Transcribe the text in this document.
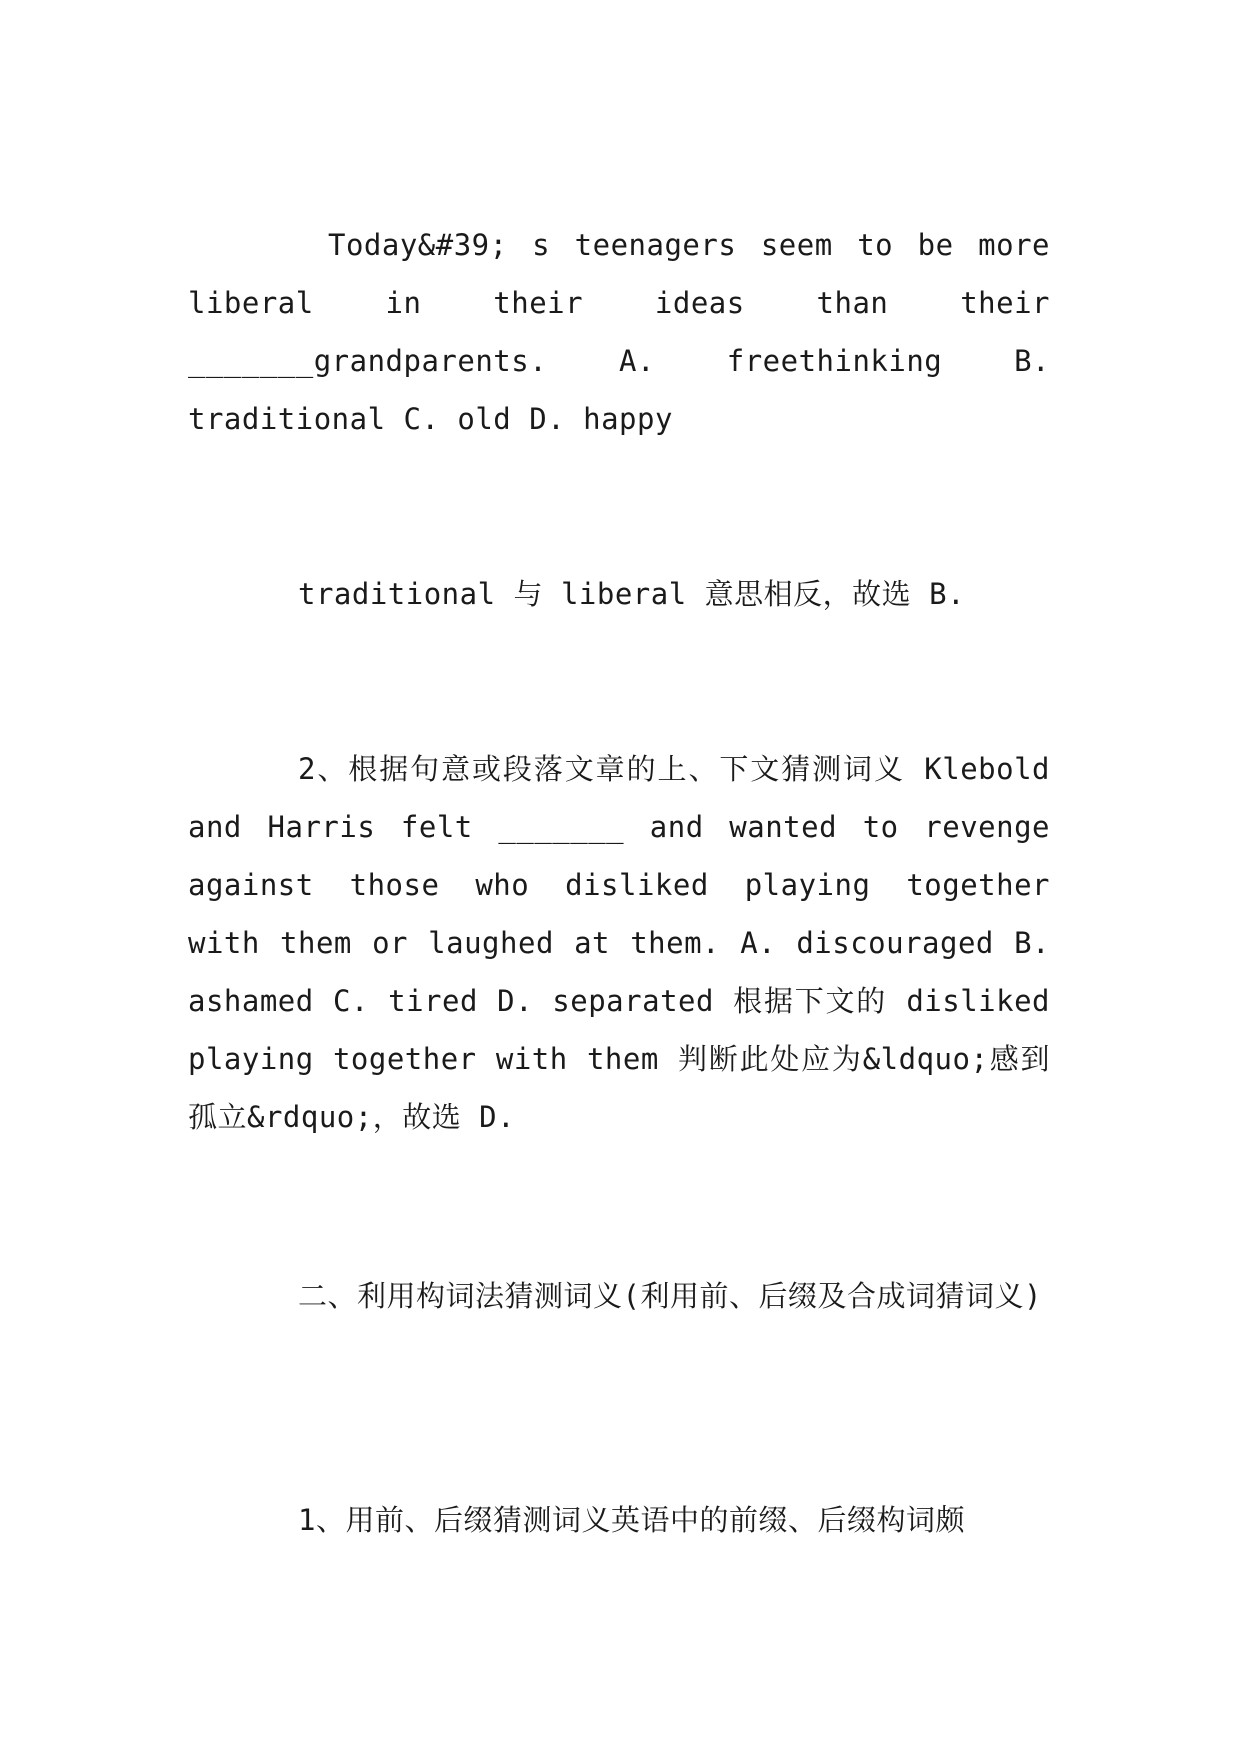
Today&#39; s teenagers seem to be more liberal in their ideas than their _______grandparents. A. freethinking B. traditional C. old D. happy

traditional 与 liberal 意思相反，故选 B.

2、根据句意或段落文章的上、下文猜测词义 Klebold and Harris felt _______ and wanted to revenge against those who disliked playing together with them or laughed at them. A. discouraged B. ashamed C. tired D. separated 根据下文的 disliked playing together with them 判断此处应为&ldquo;感到孤立&rdquo;，故选 D.

二、利用构词法猜测词义(利用前、后缀及合成词猜词义)

1、用前、后缀猜测词义英语中的前缀、后缀构词颇
